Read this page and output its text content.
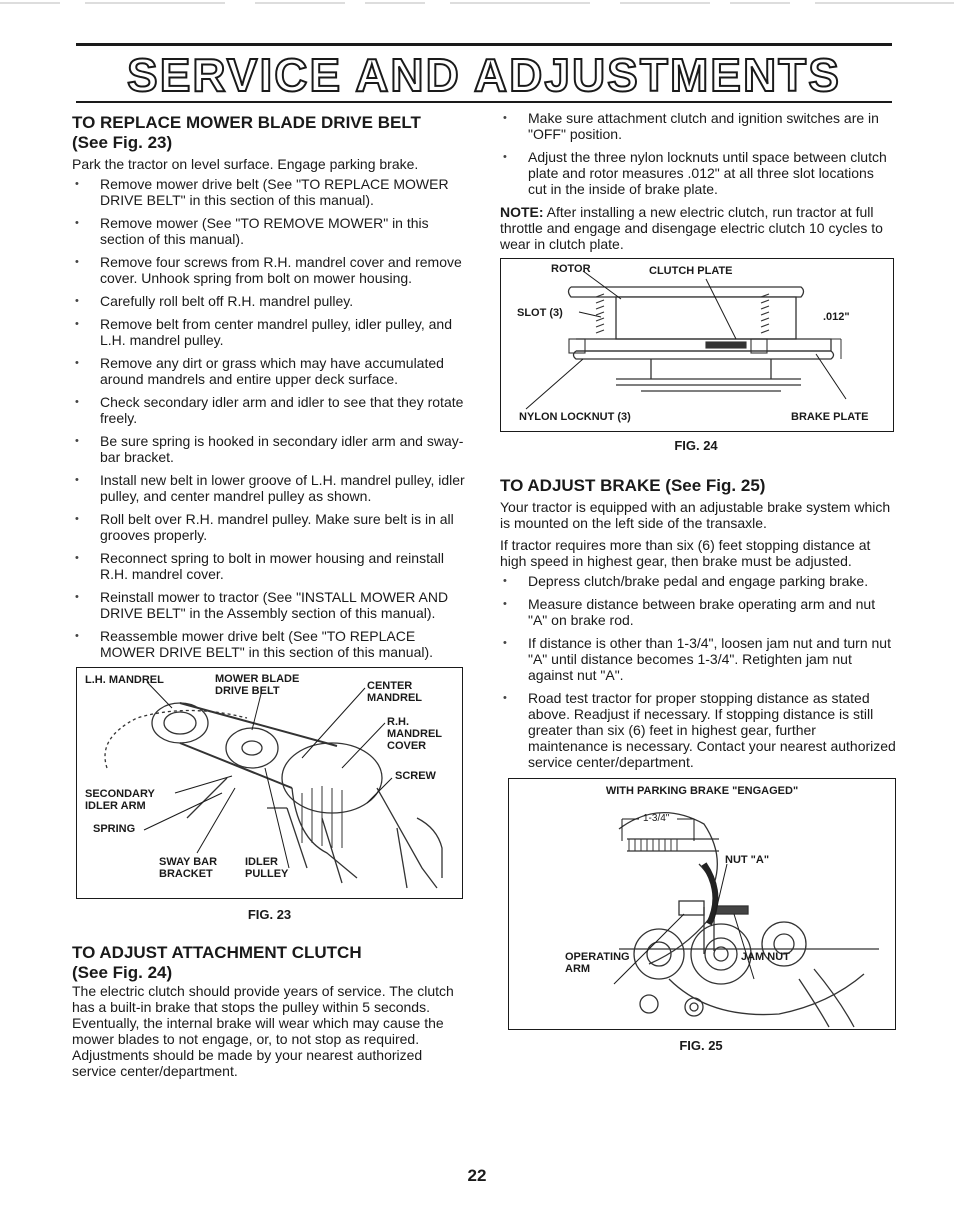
SERVICE AND ADJUSTMENTS
TO REPLACE MOWER BLADE DRIVE BELT
(See Fig. 23)

Park the tractor on level surface. Engage parking brake.

• Remove mower drive belt (See "TO REPLACE MOWER DRIVE BELT" in this section of this manual).
• Remove mower (See "TO REMOVE MOWER" in this section of this manual).
• Remove four screws from R.H. mandrel cover and remove cover. Unhook spring from bolt on mower housing.
• Carefully roll belt off R.H. mandrel pulley.
• Remove belt from center mandrel pulley, idler pulley, and L.H. mandrel pulley.
• Remove any dirt or grass which may have accumulated around mandrels and entire upper deck surface.
• Check secondary idler arm and idler to see that they rotate freely.
• Be sure spring is hooked in secondary idler arm and sway-bar bracket.
• Install new belt in lower groove of L.H. mandrel pulley, idler pulley, and center mandrel pulley as shown.
• Roll belt over R.H. mandrel pulley. Make sure belt is in all grooves properly.
• Reconnect spring to bolt in mower housing and reinstall R.H. mandrel cover.
• Reinstall mower to tractor (See "INSTALL MOWER AND DRIVE BELT" in the Assembly section of this manual).
• Reassemble mower drive belt (See "TO REPLACE MOWER DRIVE BELT" in this section of this manual).
L.H. MANDREL	MOWER BLADE
DRIVE BELT	CENTER
MANDREL
R.H.
MANDREL
COVER
SCREW
SECONDARY
IDLER ARM
SPRING
SWAY BAR
BRACKET
IDLER
PULLEY
FIG. 23
TO ADJUST ATTACHMENT CLUTCH
(See Fig. 24)

The electric clutch should provide years of service. The clutch has a built-in brake that stops the pulley within 5 seconds. Eventually, the internal brake will wear which may cause the mower blades to not engage, or, to not stop as required. Adjustments should be made by your nearest authorized service center/department.

• Make sure attachment clutch and ignition switches are in "OFF" position.
• Adjust the three nylon locknuts until space between clutch plate and rotor measures .012" at all three slot locations cut in the inside of brake plate.

NOTE: After installing a new electric clutch, run tractor at full throttle and engage and disengage electric clutch 10 cycles to wear in clutch plate.

ROTOR	CLUTCH PLATE
SLOT (3)	.012"
NYLON LOCKNUT (3)	BRAKE PLATE
FIG. 24
TO ADJUST BRAKE (See Fig. 25)

Your tractor is equipped with an adjustable brake system which is mounted on the left side of the transaxle.

If tractor requires more than six (6) feet stopping distance at high speed in highest gear, then brake must be adjusted.

• Depress clutch/brake pedal and engage parking brake.
• Measure distance between brake operating arm and nut "A" on brake rod.
• If distance is other than 1-3/4", loosen jam nut and turn nut "A" until distance becomes 1-3/4". Retighten jam nut against nut "A".
• Road test tractor for proper stopping distance as stated above. Readjust if necessary. If stopping distance is still greater than six (6) feet in highest gear, further maintenance is necessary. Contact your nearest authorized service center/department.
WITH PARKING BRAKE "ENGAGED"
1-3/4"
NUT "A"
OPERATING
ARM
JAM NUT
FIG. 25
22
